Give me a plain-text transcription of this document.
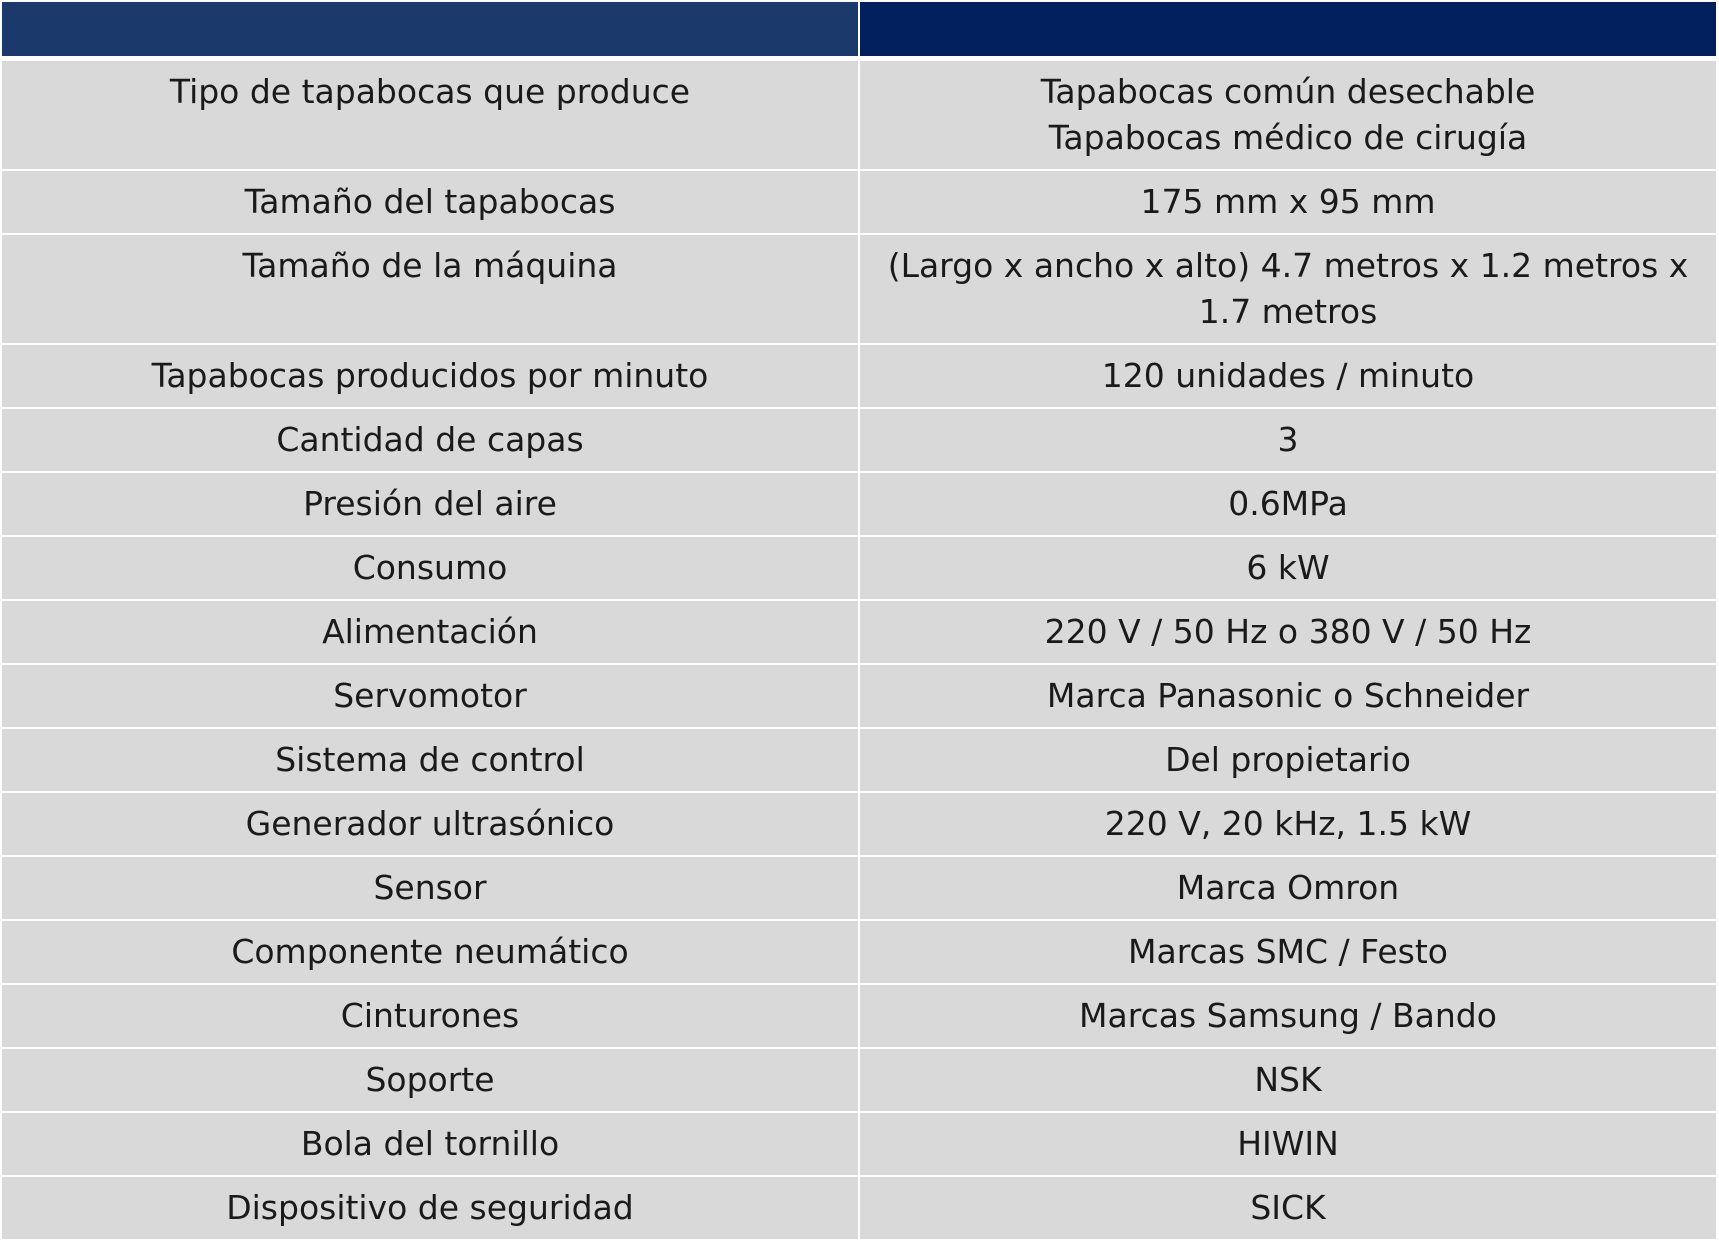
Tipo de tapabocas que produce	Tapabocas común desechable
Tapabocas médico de cirugía
Tamaño del tapabocas	175 mm x 95 mm
Tamaño de la máquina	(Largo x ancho x alto) 4.7 metros x 1.2 metros x
1.7 metros
Tapabocas producidos por minuto	120 unidades / minuto
Cantidad de capas	3
Presión del aire	0.6MPa
Consumo	6 kW
Alimentación	220 V / 50 Hz o 380 V / 50 Hz
Servomotor	Marca Panasonic o Schneider
Sistema de control	Del propietario
Generador ultrasónico	220 V, 20 kHz, 1.5 kW
Sensor	Marca Omron
Componente neumático	Marcas SMC / Festo
Cinturones	Marcas Samsung / Bando
Soporte	NSK
Bola del tornillo	HIWIN
Dispositivo de seguridad	SICK
